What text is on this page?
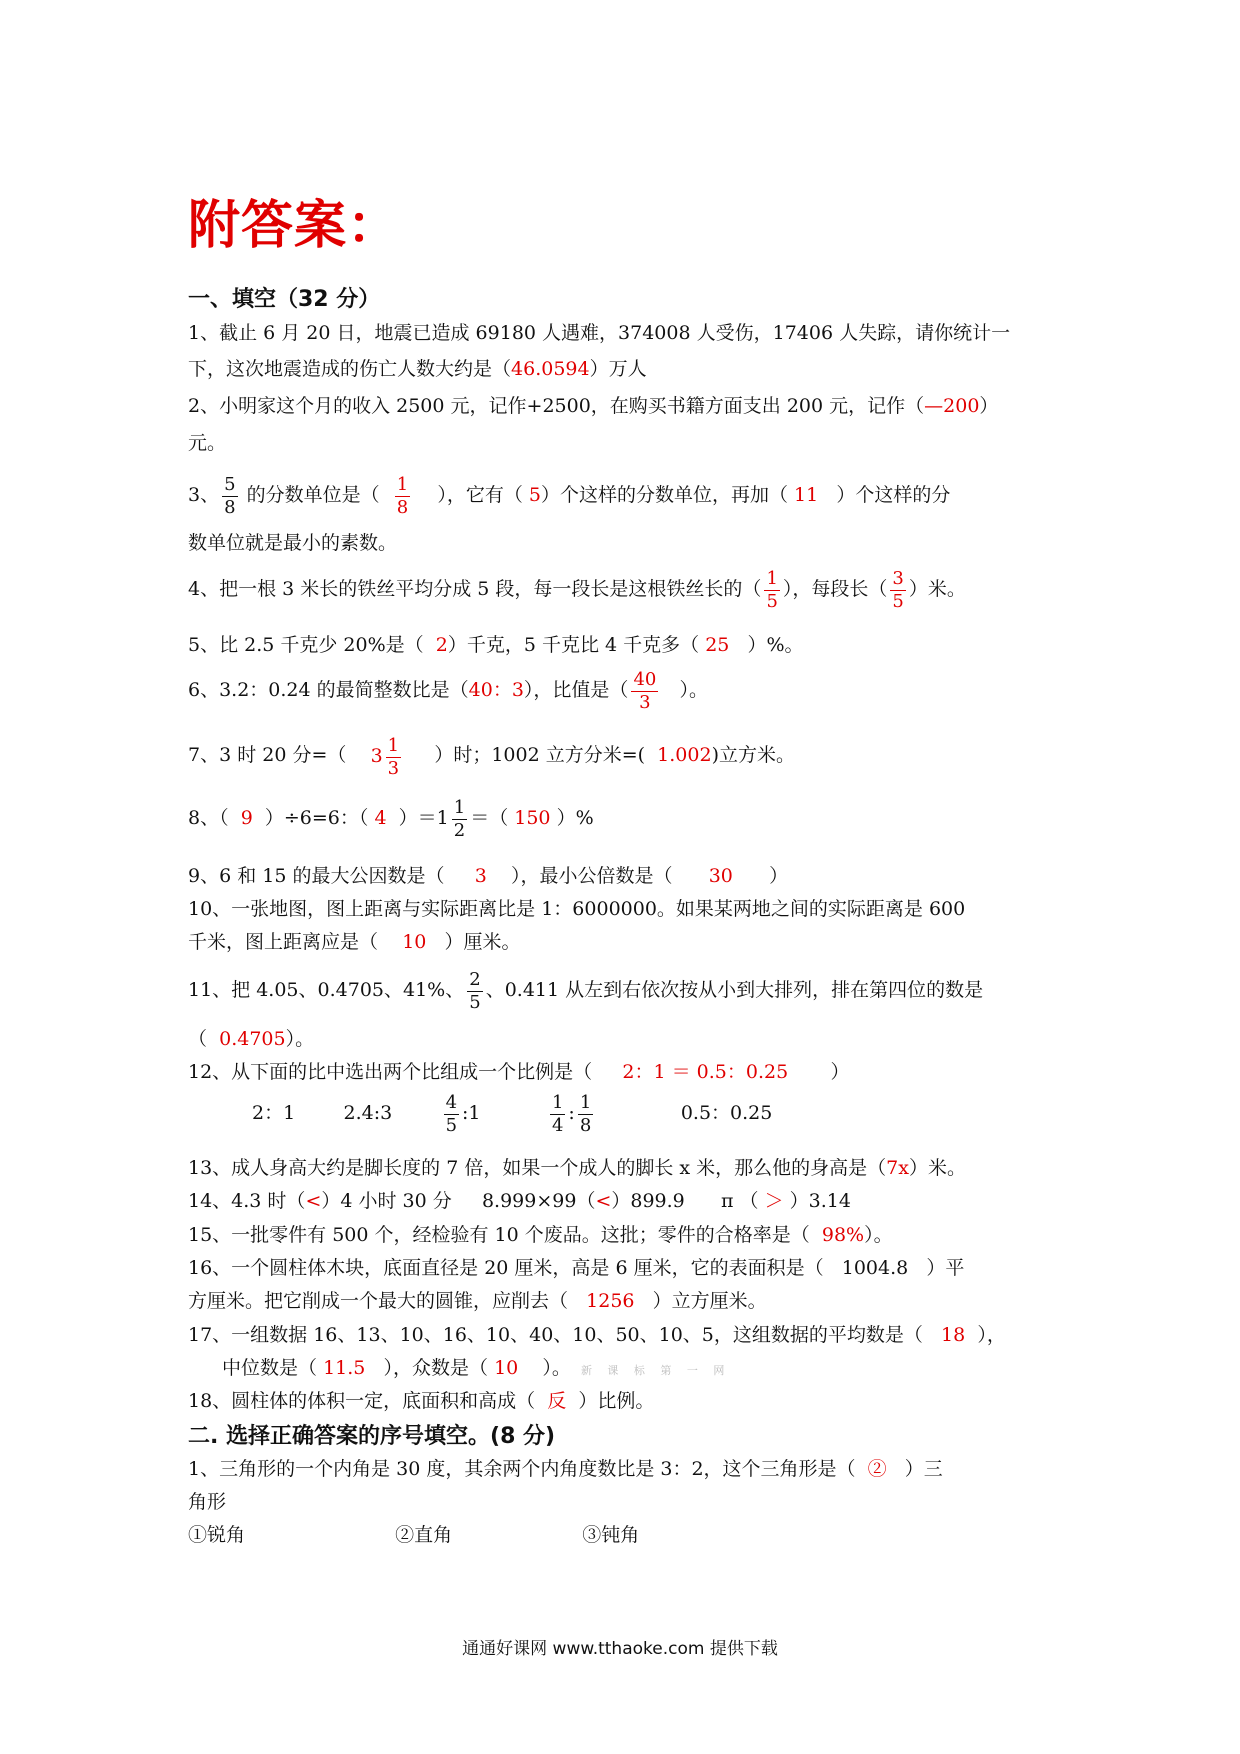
附答案：
一、填空（32 分）
1、截止 6 月 20 日，地震已造成 69180 人遇难，374008 人受伤，17406 人失踪，请你统计一
下，这次地震造成的伤亡人数大约是（46.0594）万人
2、小明家这个月的收入 2500 元，记作+2500，在购买书籍方面支出 200 元，记作（—200）
元。
3、 $\frac{5}{8}$ 的分数单位是（ $\frac{1}{8}$ ），它有（ 5）个这样的分数单位，再加（ 11 ）个这样的分
数单位就是最小的素数。
4、把一根 3 米长的铁丝平均分成 5 段，每一段长是这根铁丝长的（ $\frac{1}{5}$ ），每段长（ $\frac{3}{5}$ ）米。
5、比 2.5 千克少 20%是（ 2）千克，5 千克比 4 千克多（ 25 ）%。
6、3.2：0.24 的最简整数比是（40：3），比值是（ $\frac{40}{3}$ ）。
7、3 时 20 分=（ $3 \frac{1}{3}$ ）时；1002 立方分米=( 1.002)立方米。
8、（ 9 ）÷6=6：（ 4 ）$=1 \frac{1}{2}$ ＝（ 150 ）%
9、6 和 15 的最大公因数是（ 3 ），最小公倍数是（ 30 ）
10、一张地图，图上距离与实际距离比是 1：6000000。如果某两地之间的实际距离是 600
千米，图上距离应是（ 10 ）厘米。
11、把 4.05、0.4705、41%、 $\frac{2}{5}$ 、0.411 从左到右依次按从小到大排列，排在第四位的数是
（ 0.4705）。
12、从下面的比中选出两个比组成一个比例是（ 2：1 ＝ 0.5：0.25 ）
2：1	2.4:3	$\frac{4}{5}$ :1	$\frac{1}{4}$ : $\frac{1}{8}$	0.5：0.25
13、成人身高大约是脚长度的 7 倍，如果一个成人的脚长 x 米，那么他的身高是（7x）米。
14、4.3 时（<）4 小时 30 分 8.999×99（<）899.9 π （ ＞ ）3.14
15、一批零件有 500 个，经检验有 10 个废品。这批；零件的合格率是（ 98%）。
16、一个圆柱体木块，底面直径是 20 厘米，高是 6 厘米，它的表面积是（ 1004.8 ）平
方厘米。把它削成一个最大的圆锥，应削去（ 1256 ）立方厘米。
17、一组数据 16、13、10、16、10、40、10、50、10、5，这组数据的平均数是（ 18 ），
中位数是（ 11.5 ），众数是（ 10 ）。 新 课 标 第 一 网
18、圆柱体的体积一定，底面积和高成（ 反 ）比例。
二. 选择正确答案的序号填空。(8 分)
1、三角形的一个内角是 30 度，其余两个内角度数比是 3：2，这个三角形是（ ② ）三
角形
①锐角	②直角	③钝角
通通好课网 www.tthaoke.com 提供下载
